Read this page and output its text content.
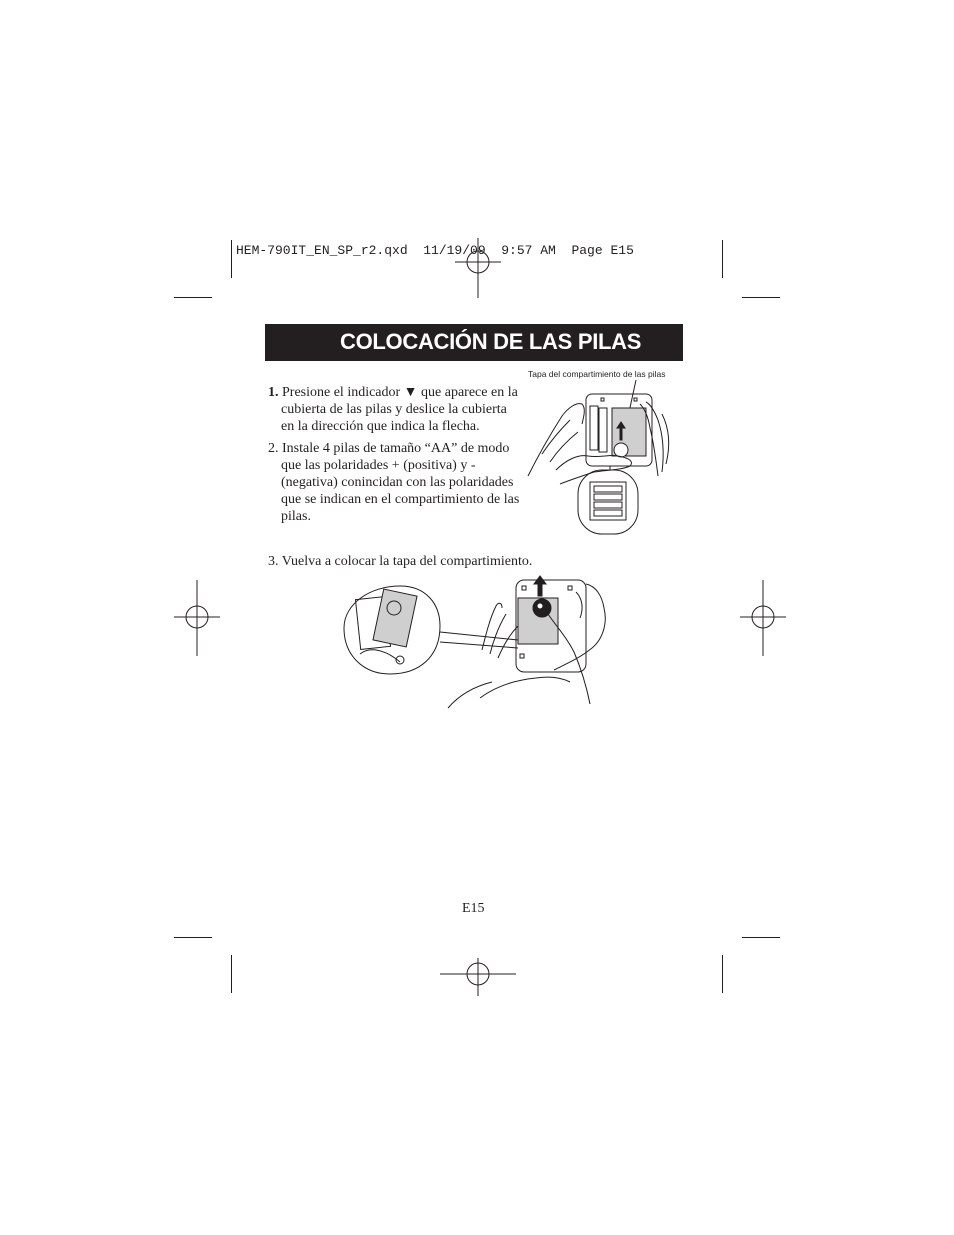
HEM-790IT_EN_SP_r2.qxd  11/19/09  9:57 AM  Page E15
COLOCACIÓN DE LAS PILAS
1. Presione el indicador ▼ que aparece en la
cubierta de las pilas y deslice la cubierta
en la dirección que indica la flecha.
2. Instale 4 pilas de tamaño “AA” de modo
que las polaridades + (positiva) y -
(negativa) conincidan con las polaridades
que se indican en el compartimiento de las
pilas.
3. Vuelva a colocar la tapa del compartimiento.
Tapa del compartimiento de las pilas
E15
